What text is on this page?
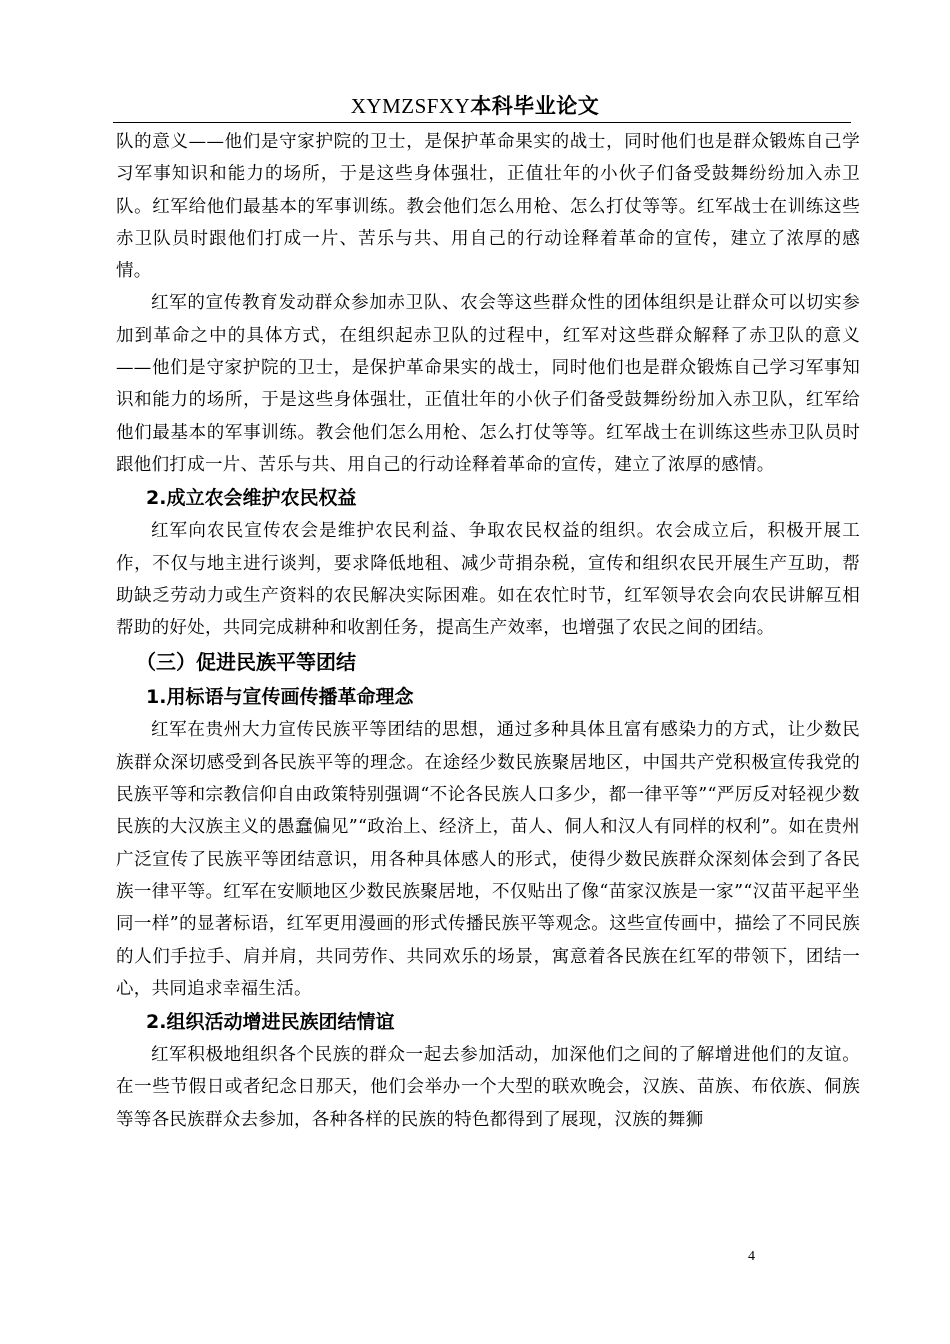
XYMZSFXY本科毕业论文

队的意义——他们是守家护院的卫士，是保护革命果实的战士，同时他们也是群众锻炼自己学习军事知识和能力的场所，于是这些身体强壮，正值壮年的小伙子们备受鼓舞纷纷加入赤卫队。红军给他们最基本的军事训练。教会他们怎么用枪、怎么打仗等等。红军战士在训练这些赤卫队员时跟他们打成一片、苦乐与共、用自己的行动诠释着革命的宣传，建立了浓厚的感情。

红军的宣传教育发动群众参加赤卫队、农会等这些群众性的团体组织是让群众可以切实参加到革命之中的具体方式，在组织起赤卫队的过程中，红军对这些群众解释了赤卫队的意义——他们是守家护院的卫士，是保护革命果实的战士，同时他们也是群众锻炼自己学习军事知识和能力的场所，于是这些身体强壮，正值壮年的小伙子们备受鼓舞纷纷加入赤卫队，红军给他们最基本的军事训练。教会他们怎么用枪、怎么打仗等等。红军战士在训练这些赤卫队员时跟他们打成一片、苦乐与共、用自己的行动诠释着革命的宣传，建立了浓厚的感情。

2.成立农会维护农民权益

红军向农民宣传农会是维护农民利益、争取农民权益的组织。农会成立后，积极开展工作，不仅与地主进行谈判，要求降低地租、减少苛捐杂税，宣传和组织农民开展生产互助，帮助缺乏劳动力或生产资料的农民解决实际困难。如在农忙时节，红军领导农会向农民讲解互相帮助的好处，共同完成耕种和收割任务，提高生产效率，也增强了农民之间的团结。

（三）促进民族平等团结
1.用标语与宣传画传播革命理念

红军在贵州大力宣传民族平等团结的思想，通过多种具体且富有感染力的方式，让少数民族群众深切感受到各民族平等的理念。在途经少数民族聚居地区，中国共产党积极宣传我党的民族平等和宗教信仰自由政策特别强调“不论各民族人口多少，都一律平等”“严厉反对轻视少数民族的大汉族主义的愚蠢偏见”“政治上、经济上，苗人、侗人和汉人有同样的权利”。如在贵州广泛宣传了民族平等团结意识，用各种具体感人的形式，使得少数民族群众深刻体会到了各民族一律平等。红军在安顺地区少数民族聚居地，不仅贴出了像“苗家汉族是一家”“汉苗平起平坐同一样”的显著标语，红军更用漫画的形式传播民族平等观念。这些宣传画中，描绘了不同民族的人们手拉手、肩并肩，共同劳作、共同欢乐的场景，寓意着各民族在红军的带领下，团结一心，共同追求幸福生活。

2.组织活动增进民族团结情谊

红军积极地组织各个民族的群众一起去参加活动，加深他们之间的了解增进他们的友谊。在一些节假日或者纪念日那天，他们会举办一个大型的联欢晚会，汉族、苗族、布依族、侗族等等各民族群众去参加，各种各样的民族的特色都得到了展现，汉族的舞狮

4
